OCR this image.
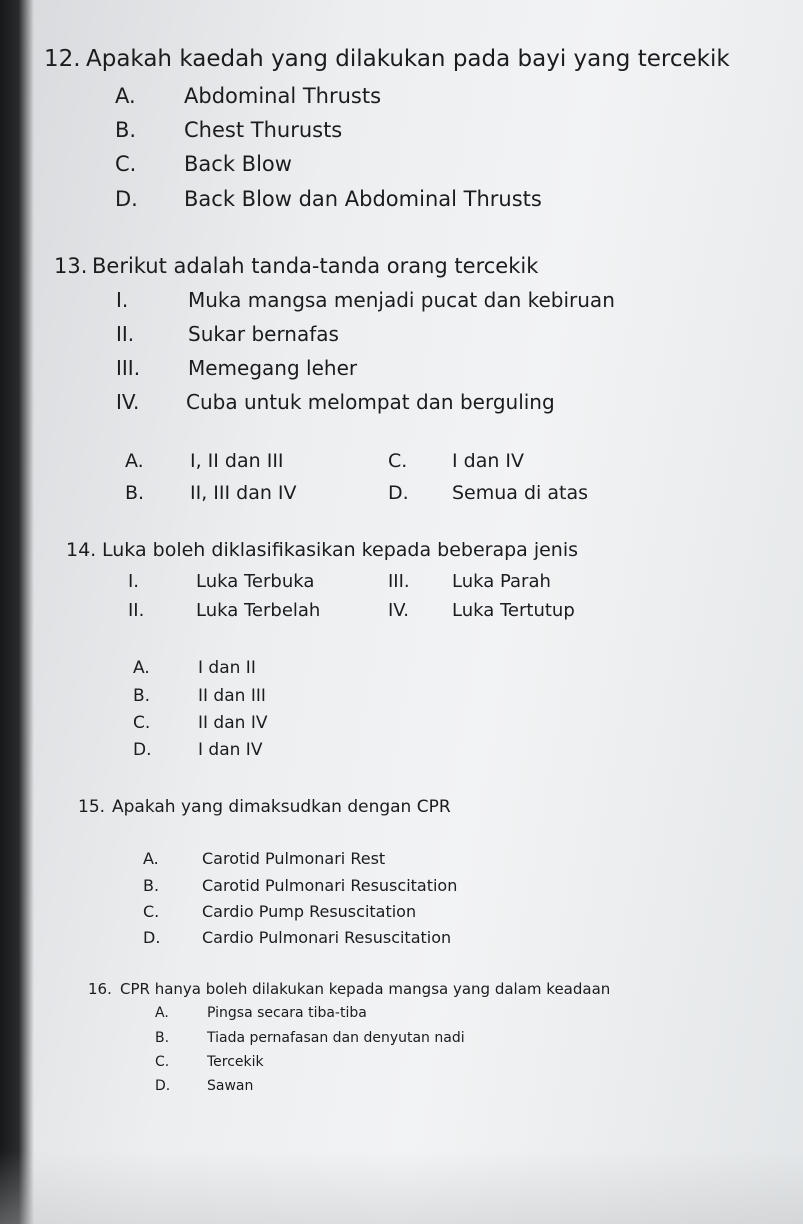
12. Apakah kaedah yang dilakukan pada bayi yang tercekik
A. Abdominal Thrusts
B. Chest Thurusts
C. Back Blow
D. Back Blow dan Abdominal Thrusts
13. Berikut adalah tanda-tanda orang tercekik
I.	Muka mangsa menjadi pucat dan kebiruan
II.	Sukar bernafas
III. Memegang leher
IV. Cuba untuk melompat dan berguling
A. I, II dan III	C. I dan IV
B. II, III dan IV	D. Semua di atas
14. Luka boleh diklasifikasikan kepada beberapa jenis
I.	Luka Terbuka	III. Luka Parah
II.	Luka Terbelah	IV. Luka Tertutup
A.	I dan II
B.	II dan III
C.	II dan IV
D.	I dan IV
15. Apakah yang dimaksudkan dengan CPR
A.	Carotid Pulmonari Rest
B.	Carotid Pulmonari Resuscitation
C.	Cardio Pump Resuscitation
D.	Cardio Pulmonari Resuscitation
16. CPR hanya boleh dilakukan kepada mangsa yang dalam keadaan
A.	Pingsa secara tiba-tiba
B.	Tiada pernafasan dan denyutan nadi
C.	Tercekik
D.	Sawan
